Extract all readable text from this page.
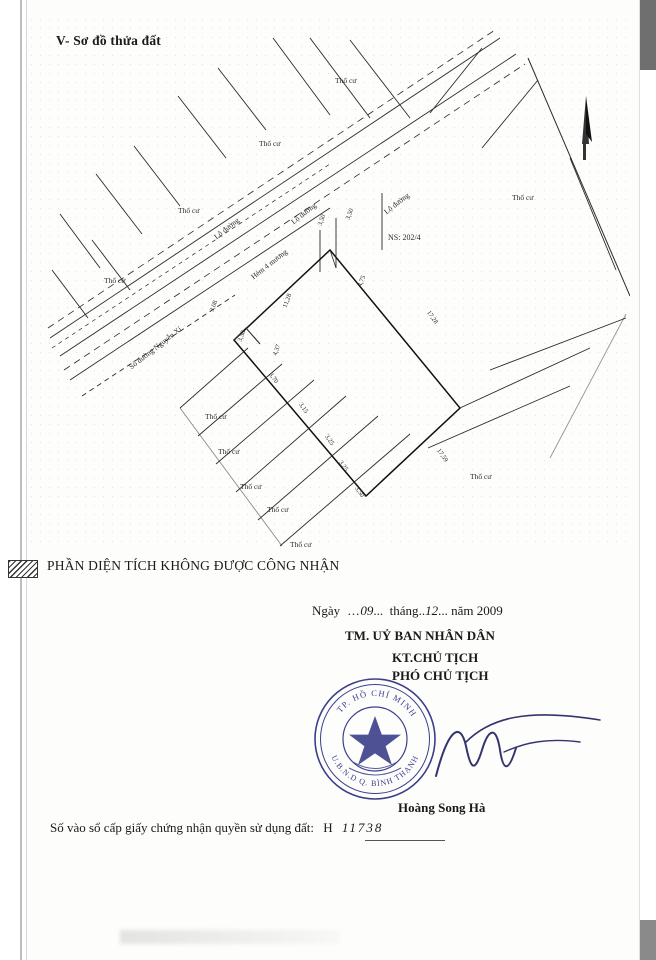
V- Sơ đồ thửa đất
Thổ cư
Thổ cư
Thổ cư
Thổ cư
Thổ cư
Thổ cư
Thổ cư
Thổ cư
Thổ cư
Thổ cư
Thổ cư
NS: 202/4
Lộ đường
Lộ đường	Lộ đường
Hẻm 4 mương
Số đường Nguyễn Xí
4,75
17,28
17,59
3,70
3,15
3,25
3,25
3,50
11,28
4,37
3,08
3,50	3,50
3,58
PHẦN DIỆN TÍCH KHÔNG ĐƯỢC CÔNG NHẬN
Ngày  ...09...  tháng..12... năm 2009
TM. UỶ BAN NHÂN DÂN
KT.CHỦ TỊCH
PHÓ CHỦ TỊCH
TP. HỒ CHÍ MINH
U.B.N.D Q. BÌNH THẠNH
Hoàng Song Hà
Số vào sổ cấp giấy chứng nhận quyền sử dụng đất: H 11738
